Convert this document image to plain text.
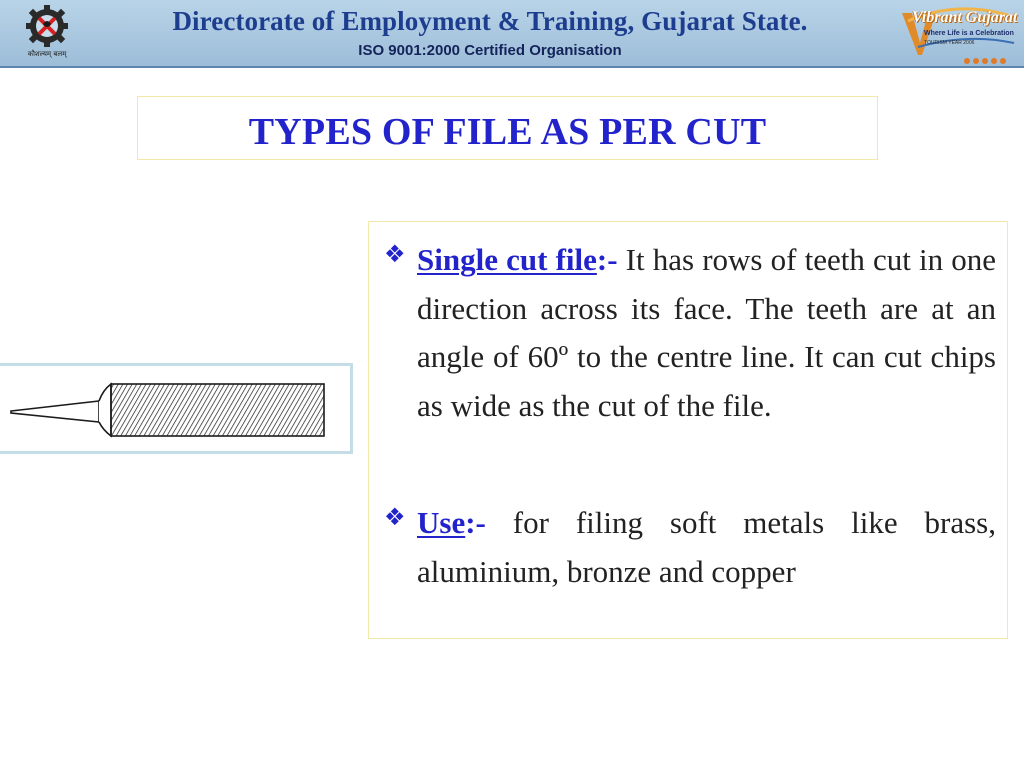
कौशल्यम् बलम्
Directorate of Employment & Training, Gujarat State.
ISO 9001:2000 Certified Organisation
Vibrant Gujarat
Where Life is a Celebration
TOURISM YEAR 2006
TYPES OF FILE AS PER CUT
❖ Single cut file:- It has rows of teeth cut in one direction across its face. The teeth are at an angle of 60º to the centre line. It can cut chips as wide as the cut of the file.
❖ Use:- for filing soft metals like brass, aluminium, bronze and copper
